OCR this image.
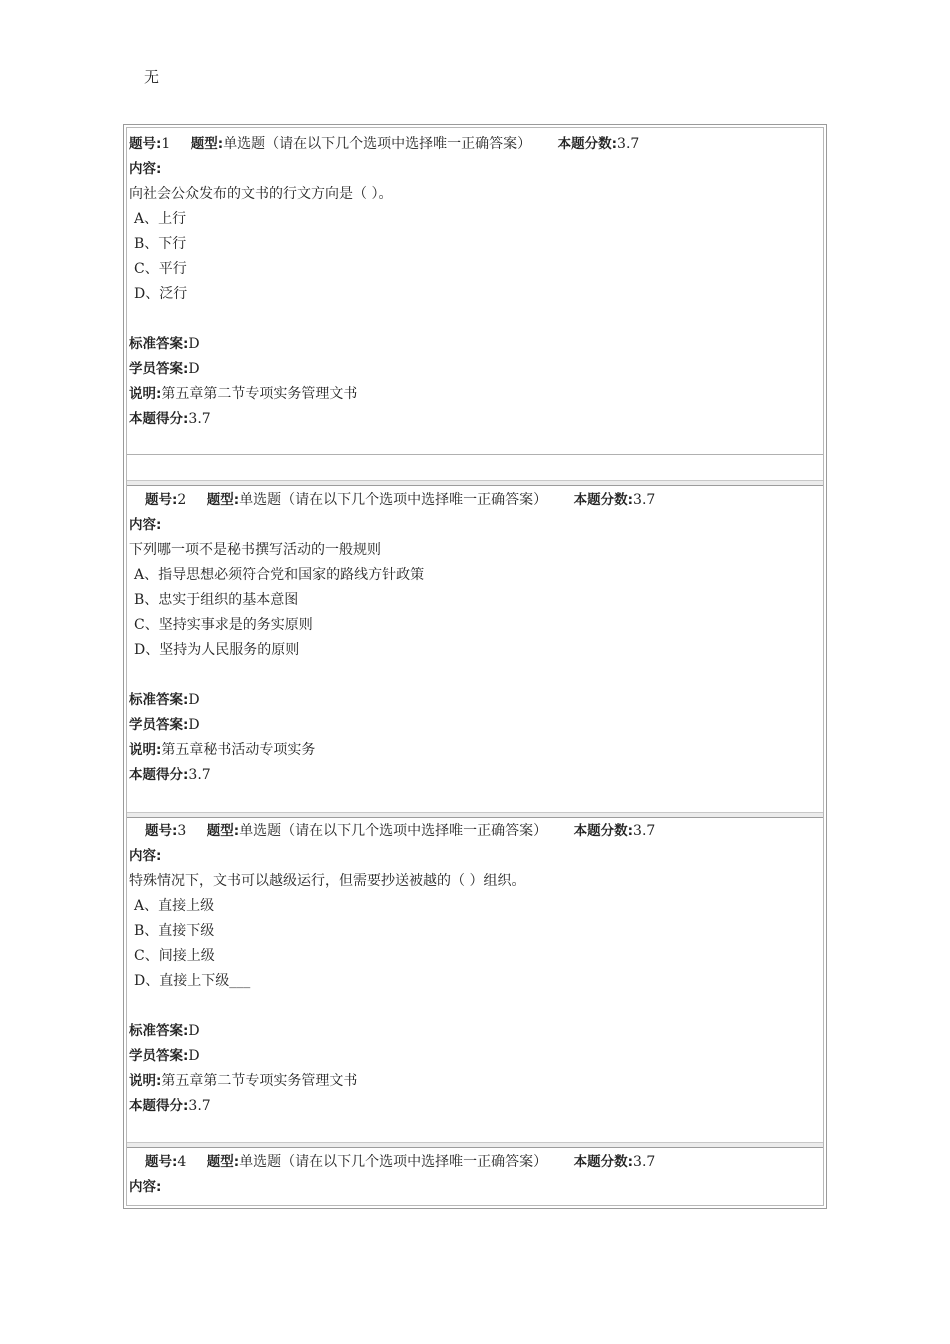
无
题号:1 题型:单选题（请在以下几个选项中选择唯一正确答案） 本题分数:3.7
内容:
向社会公众发布的文书的行文方向是（ ）。
A、上行
B、下行
C、平行
D、泛行
标准答案:D
学员答案:D
说明:第五章第二节专项实务管理文书
本题得分:3.7
题号:2 题型:单选题（请在以下几个选项中选择唯一正确答案） 本题分数:3.7
内容:
下列哪一项不是秘书撰写活动的一般规则
A、指导思想必须符合党和国家的路线方针政策
B、忠实于组织的基本意图
C、坚持实事求是的务实原则
D、坚持为人民服务的原则
标准答案:D
学员答案:D
说明:第五章秘书活动专项实务
本题得分:3.7
题号:3 题型:单选题（请在以下几个选项中选择唯一正确答案） 本题分数:3.7
内容:
特殊情况下，文书可以越级运行，但需要抄送被越的（ ）组织。
A、直接上级
B、直接下级
C、间接上级
D、直接上下级___
标准答案:D
学员答案:D
说明:第五章第二节专项实务管理文书
本题得分:3.7
题号:4 题型:单选题（请在以下几个选项中选择唯一正确答案） 本题分数:3.7
内容:
